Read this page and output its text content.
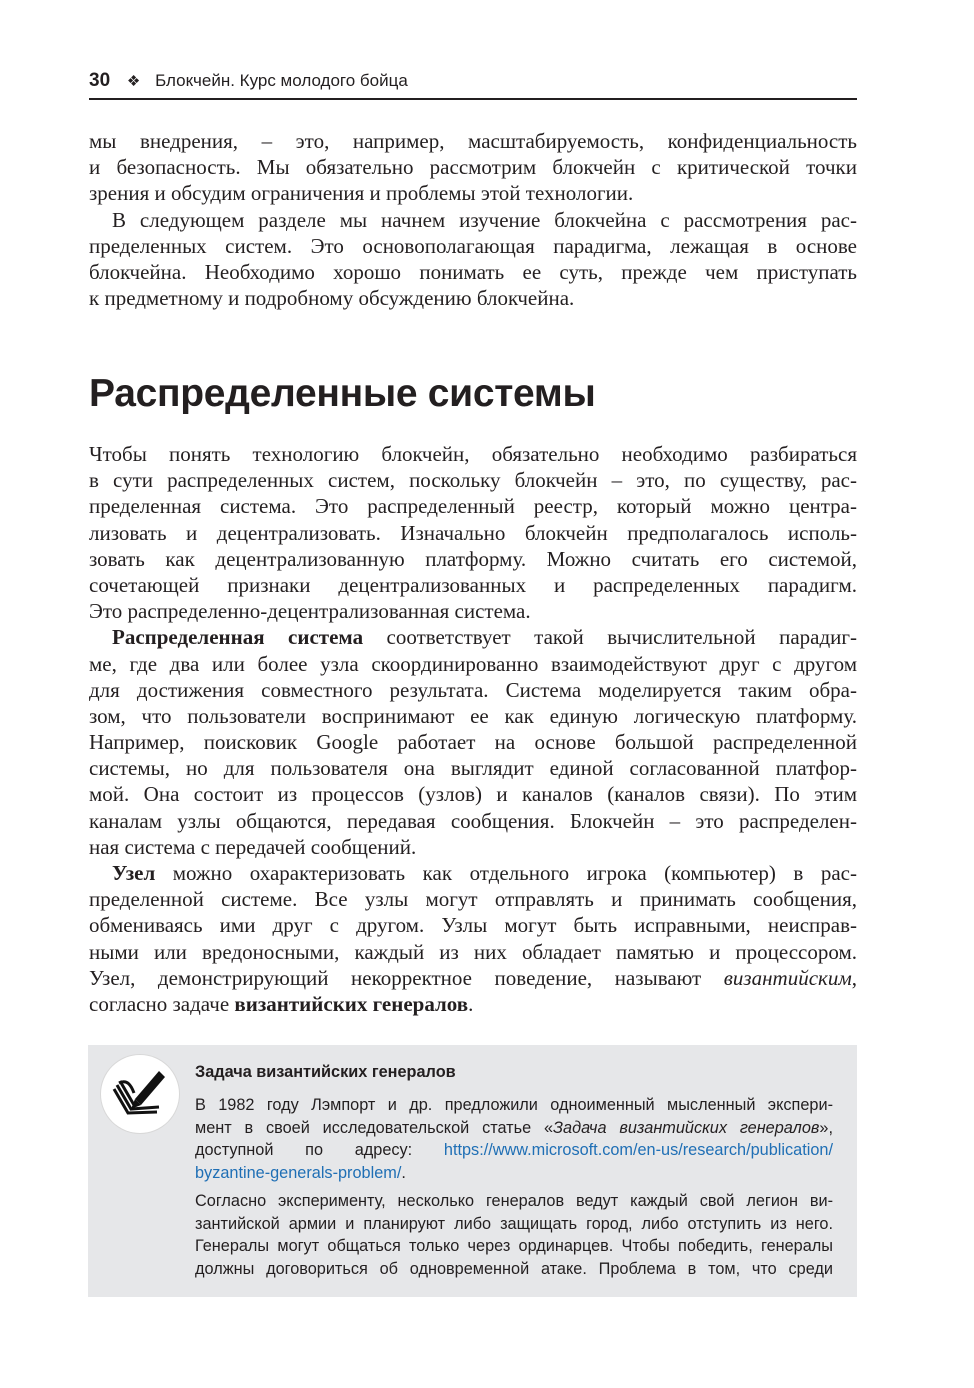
30 ❖ Блокчейн. Курс молодого бойца
мы внедрения, – это, например, масштабируемость, конфиденциальность
и безопасность. Мы обязательно рассмотрим блокчейн с критической точки
зрения и обсудим ограничения и проблемы этой технологии.
В следующем разделе мы начнем изучение блокчейна с рассмотрения рас-
пределенных систем. Это основополагающая парадигма, лежащая в основе
блокчейна. Необходимо хорошо понимать ее суть, прежде чем приступать
к предметному и подробному обсуждению блокчейна.
Распределенные системы
Чтобы понять технологию блокчейн, обязательно необходимо разбираться
в сути распределенных систем, поскольку блокчейн – это, по существу, рас-
пределенная система. Это распределенный реестр, который можно центра-
лизовать и децентрализовать. Изначально блокчейн предполагалось исполь-
зовать как децентрализованную платформу. Можно считать его системой,
сочетающей признаки децентрализованных и распределенных парадигм.
Это распределенно-децентрализованная система.
Распределенная система соответствует такой вычислительной парадиг-
ме, где два или более узла скоординированно взаимодействуют друг с другом
для достижения совместного результата. Система моделируется таким обра-
зом, что пользователи воспринимают ее как единую логическую платформу.
Например, поисковик Google работает на основе большой распределенной
системы, но для пользователя она выглядит единой согласованной платфор-
мой. Она состоит из процессов (узлов) и каналов (каналов связи). По этим
каналам узлы общаются, передавая сообщения. Блокчейн – это распределен-
ная система с передачей сообщений.
Узел можно охарактеризовать как отдельного игрока (компьютер) в рас-
пределенной системе. Все узлы могут отправлять и принимать сообщения,
обмениваясь ими друг с другом. Узлы могут быть исправными, неисправ-
ными или вредоносными, каждый из них обладает памятью и процессором.
Узел, демонстрирующий некорректное поведение, называют византийским,
согласно задаче византийских генералов.
Задача византийских генералов
В 1982 году Лэмпорт и др. предложили одноименный мысленный экспери-
мент в своей исследовательской статье «Задача византийских генералов»,
доступной по адресу: https://www.microsoft.com/en-us/research/publication/
byzantine-generals-problem/.
Согласно эксперименту, несколько генералов ведут каждый свой легион ви-
зантийской армии и планируют либо защищать город, либо отступить из него.
Генералы могут общаться только через ординарцев. Чтобы победить, генералы
должны договориться об одновременной атаке. Проблема в том, что среди
